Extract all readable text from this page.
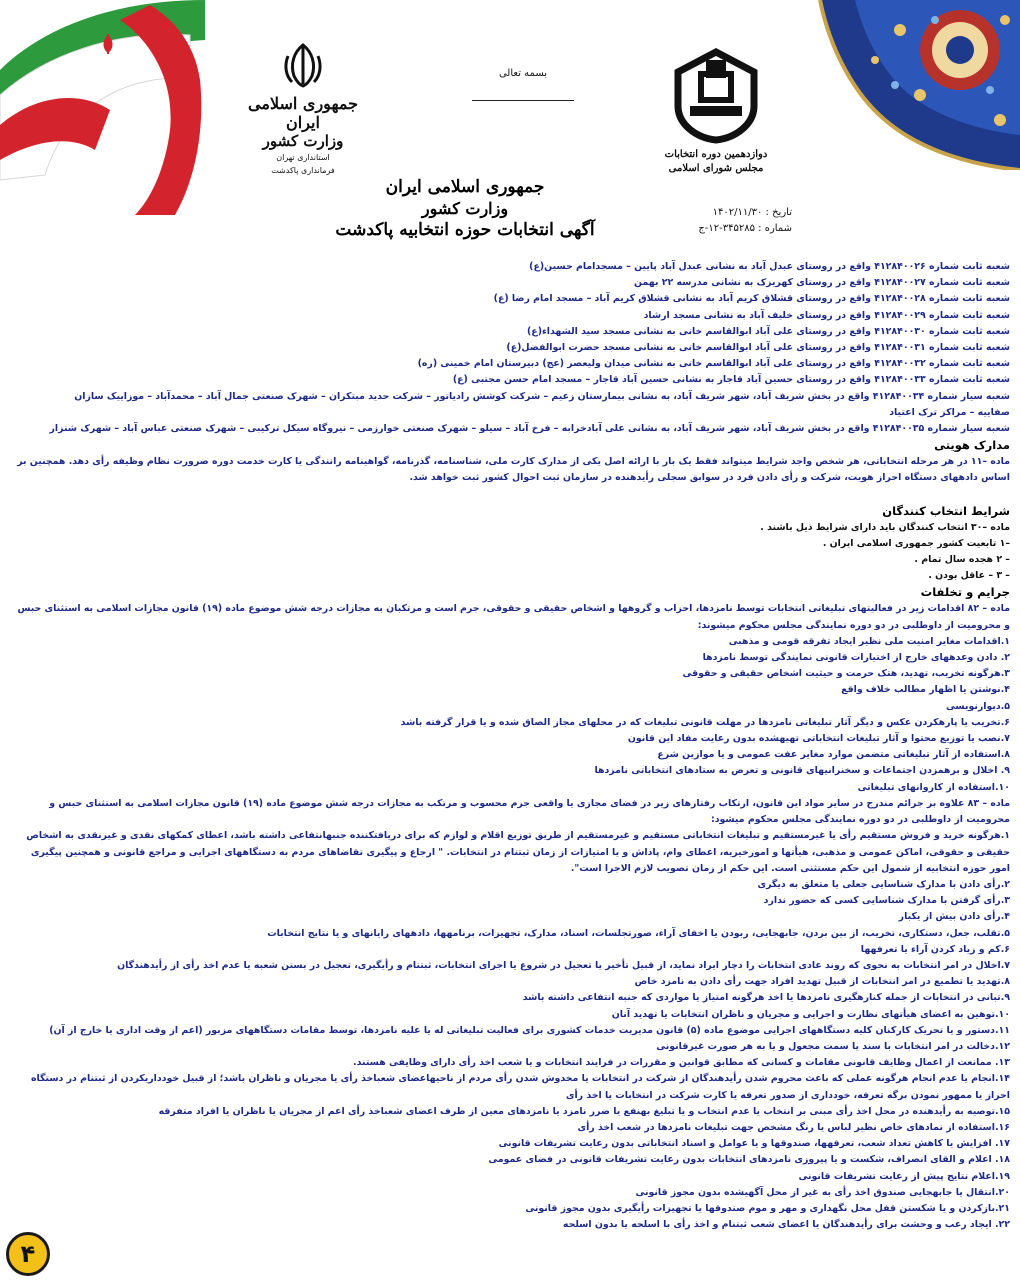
جمهوری اسلامی ایران
وزارت کشور
استانداری تهران
فرمانداری پاکدشت
بسمه تعالی
دوازدهمین دوره انتخابات
مجلس شورای اسلامی
جمهوری اسلامی ایران
وزارت کشور
آگهی انتخابات حوزه انتخابیه پاکدشت
تاریخ : ۱۴۰۲/۱۱/۳۰
شماره : ۳۴۵۲۸۵-۱۲-ج
شعبه ثابت شماره ۴۱۲۸۴۰۰۲۶ واقع در روستای عبدل آباد به نشانی عبدل آباد پایین – مسجدامام حسین(ع)
شعبه ثابت شماره ۴۱۲۸۴۰۰۲۷ واقع در روستای کهریزک به نشانی مدرسه ۲۲ بهمن
شعبه ثابت شماره ۴۱۲۸۴۰۰۲۸ واقع در روستای قشلاق کریم آباد به نشانی قشلاق کریم آباد – مسجد امام رضا (ع)
شعبه ثابت شماره ۴۱۲۸۴۰۰۲۹ واقع در روستای خلیف آباد به نشانی مسجد ارشاد
شعبه ثابت شماره ۴۱۲۸۴۰۰۳۰ واقع در روستای علی آباد ابوالقاسم خانی به نشانی مسجد سید الشهداء(ع)
شعبه ثابت شماره ۴۱۲۸۴۰۰۳۱ واقع در روستای علی آباد ابوالقاسم خانی به نشانی مسجد حضرت ابوالفضل(ع)
شعبه ثابت شماره ۴۱۲۸۴۰۰۳۲ واقع در روستای علی آباد ابوالقاسم خانی به نشانی میدان ولیعصر (عج) دبیرستان امام خمینی (ره)
شعبه ثابت شماره ۴۱۲۸۴۰۰۳۳ واقع در روستای حسین آباد قاجار به نشانی حسین آباد قاجار – مسجد امام حسن مجتبی (ع)
شعبه سیار شماره ۴۱۲۸۴۰۰۳۴ واقع در بخش شریف آباد، شهر شریف آباد، به نشانی بیمارستان زعیم – شرکت کوشش رادیاتور – شرکت حدید مبتکران – شهرک صنعتی جمال آباد – محمدآباد – موزاییک سازان
صفاییه – مراکز ترک اعتیاد
شعبه سیار شماره ۴۱۲۸۴۰۰۳۵ واقع در بخش شریف آباد، شهر شریف آباد، به نشانی علی آبادخرابه – فرخ آباد – سیلو – شهرک صنعتی خوارزمی – نیروگاه سیکل ترکیبی – شهرک صنعتی عباس آباد – شهرک شنزار
مدارک هویتی
ماده –۱۱ در هر مرحله انتخاباتی، هر شخص واجد شرایط میتواند فقط یک بار با ارائه اصل یکی از مدارک کارت ملی، شناسنامه، گذرنامه، گواهینامه رانندگی یا کارت خدمت دوره ضرورت نظام وظیفه رأی دهد. همچنین بر اساس دادههای دستگاه احراز هویت، شرکت و رأی دادن فرد در سوابق سجلی رأیدهنده در سازمان ثبت احوال کشور ثبت خواهد شد.
شرایط انتخاب کنندگان
ماده –۳۰ انتخاب کنندگان باید دارای شرایط ذیل باشند .
–۱ تابعیت کشور جمهوری اسلامی ایران .
– ۲ هجده سال تمام .
– ۳ – عاقل بودن .
جرایم و تخلفات
ماده – ۸۲ اقدامات زیر در فعالیتهای تبلیغاتی انتخابات توسط نامزدها، احزاب و گروهها و اشخاص حقیقی و حقوقی، جرم است و مرتکبان به مجازات درجه شش موضوع ماده (۱۹) قانون مجازات اسلامی به استثنای حبس و محرومیت از داوطلبی در دو دوره نمایندگی مجلس محکوم میشوند:
۱.اقدامات مغایر امنیت ملی نظیر ایجاد تفرقه قومی و مذهبی
۲. دادن وعدههای خارج از اختیارات قانونی نمایندگی توسط نامزدها
۳.هرگونه تخریب، تهدید، هتک حرمت و حیثیت اشخاص حقیقی و حقوقی
۴.نوشتن یا اظهار مطالب خلاف واقع
۵.دیوارنویسی
۶.تخریب یا پارهکردن عکس و دیگر آثار تبلیغاتی نامزدها در مهلت قانونی تبلیغات که در محلهای مجاز الصاق شده و یا قرار گرفته باشد
۷.نصب یا توزیع محتوا و آثار تبلیغات انتخاباتی تهیهشده بدون رعایت مفاد این قانون
۸.استفاده از آثار تبلیغاتی متضمن موارد مغایر عفت عمومی و یا موازین شرع
۹. اخلال و برهمزدن اجتماعات و سخنرانیهای قانونی و تعرض به ستادهای انتخاباتی نامزدها
۱۰.استفاده از کاروانهای تبلیغاتی
ماده – ۸۳ علاوه بر جرائم مندرج در سایر مواد این قانون، ارتکاب رفتارهای زیر در فضای مجازی یا واقعی جرم محسوب و مرتکب به مجازات درجه شش موضوع ماده (۱۹) قانون مجازات اسلامی به استثنای حبس و محرومیت از داوطلبی در دو دوره نمایندگی مجلس محکوم میشود:
۱.هرگونه خرید و فروش مستقیم رأی یا غیرمستقیم و تبلیغات انتخاباتی مستقیم و غیرمستقیم از طریق توزیع اقلام و لوازم که برای دریافتکننده جنبهانتفاعی داشته باشد، اعطای کمکهای نقدی و غیرنقدی به اشخاص حقیقی و حقوقی، اماکن عمومی و مذهبی، هیأتها و امورخیریه، اعطای وام، پاداش و یا امتیازات از زمان ثبتنام در انتخابات. " ارجاع و پیگیری تقاضاهای مردم به دستگاههای اجرایی و مراجع قانونی و همچنین پیگیری امور حوزه انتخابیه از شمول این حکم مستثنی است. این حکم از زمان تصویب لازم الاجرا است".
۲.رأی دادن با مدارک شناسایی جعلی یا متعلق به دیگری
۳.رأی گرفتن با مدارک شناسایی کسی که حضور ندارد
۴.رأی دادن بیش از یکبار
۵.تقلب، جعل، دستکاری، تخریب، از بین بردن، جابهجایی، ربودن یا اخفای آراء، صورتجلسات، اسناد، مدارک، تجهیزات، برنامهها، دادههای رایانهای و یا نتایج انتخابات
۶.کم و زیاد کردن آراء یا تعرفهها
۷.اخلال در امر انتخابات به نحوی که روند عادی انتخابات را دچار ایراد نماید، از قبیل تأخیر یا تعجیل در شروع یا اجرای انتخابات، ثبتنام و رأیگیری، تعجیل در بستن شعبه یا عدم اخذ رأی از رأیدهندگان
۸.تهدید یا تطمیع در امر انتخابات از قبیل تهدید افراد جهت رأی دادن به نامزد خاص
۹.تبانی در انتخابات از جمله کنارهگیری نامزدها یا اخذ هرگونه امتیاز یا مواردی که جنبه انتفاعی داشته باشد
۱۰.توهین به اعضای هیأتهای نظارت و اجرایی و مجریان و ناظران انتخابات یا تهدید آنان
۱۱.دستور و یا تحریک کارکنان کلیه دستگاههای اجرایی موضوع ماده (۵) قانون مدیریت خدمات کشوری برای فعالیت تبلیغاتی له یا علیه نامزدها، توسط مقامات دستگاههای مزبور (اعم از وقت اداری یا خارج از آن)
۱۲.دخالت در امر انتخابات با سند یا سمت مجعول و یا به هر صورت غیرقانونی
۱۳. ممانعت از اعمال وظایف قانونی مقامات و کسانی که مطابق قوانین و مقررات در فرایند انتخابات و یا شعب اخذ رأی دارای وظایفی هستند.
۱۴.انجام یا عدم انجام هرگونه عملی که باعث محروم شدن رأیدهندگان از شرکت در انتخابات یا مخدوش شدن رأی مردم از ناحیهاعضای شعباخذ رأی یا مجریان و ناظران باشد؛ از قبیل خودداریکردن از ثبتنام در دستگاه احراز یا ممهور نمودن برگه تعرفه، خودداری از صدور تعرفه یا کارت شرکت در انتخابات یا اخذ رأی
۱۵.توصیه به رأیدهنده در محل اخذ رأی مبنی بر انتخاب یا عدم انتخاب و یا تبلیغ بهنفع یا ضرر نامزد یا نامزدهای معین از طرف اعضای شعباخذ رأی اعم از مجریان یا ناظران یا افراد متفرقه
۱۶.استفاده از نمادهای خاص نظیر لباس یا رنگ مشخص جهت تبلیغات نامزدها در شعب اخذ رأی
۱۷. افزایش یا کاهش تعداد شعب، تعرفهها، صندوقها و یا عوامل و اسناد انتخاباتی بدون رعایت تشریفات قانونی
۱۸. اعلام و القای انصراف، شکست و یا پیروزی نامزدهای انتخابات بدون رعایت تشریفات قانونی در فضای عمومی
۱۹.اعلام نتایج پیش از رعایت تشریفات قانونی
۲۰.انتقال یا جابهجایی صندوق اخذ رأی به غیر از محل آگهیشده بدون مجوز قانونی
۲۱.بازکردن و یا شکستن قفل محل نگهداری و مهر و موم صندوقها یا تجهیزات رأیگیری بدون مجوز قانونی
۲۲. ایجاد رعب و وحشت برای رأیدهندگان یا اعضای شعب ثبتنام و اخذ رأی با اسلحه یا بدون اسلحه
۴
